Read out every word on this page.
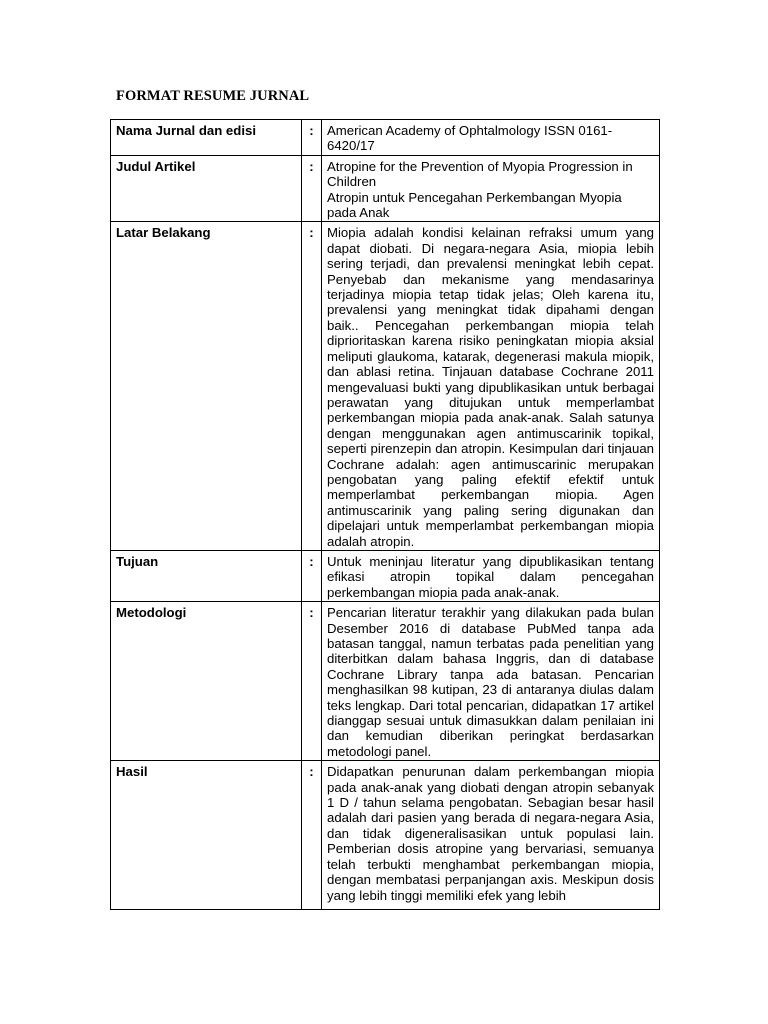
FORMAT RESUME JURNAL
Nama Jurnal dan edisi	:	American Academy of Ophtalmology ISSN 0161-6420/17

Judul Artikel	:	Atropine for the Prevention of Myopia Progression in Children
Atropin untuk Pencegahan Perkembangan Myopia pada Anak

Latar Belakang	:	Miopia adalah kondisi kelainan refraksi umum yang dapat diobati. Di negara-negara Asia, miopia lebih sering terjadi, dan prevalensi meningkat lebih cepat. Penyebab dan mekanisme yang mendasarinya terjadinya miopia tetap tidak jelas; Oleh karena itu, prevalensi yang meningkat tidak dipahami dengan baik.. Pencegahan perkembangan miopia telah diprioritaskan karena risiko peningkatan miopia aksial meliputi glaukoma, katarak, degenerasi makula miopik, dan ablasi retina. Tinjauan database Cochrane 2011 mengevaluasi bukti yang dipublikasikan untuk berbagai perawatan yang ditujukan untuk memperlambat perkembangan miopia pada anak-anak. Salah satunya dengan menggunakan agen antimuscarinik topikal, seperti pirenzepin dan atropin. Kesimpulan dari tinjauan Cochrane adalah: agen antimuscarinic merupakan pengobatan yang paling efektif efektif untuk memperlambat perkembangan miopia. Agen antimuscarinik yang paling sering digunakan dan dipelajari untuk memperlambat perkembangan miopia adalah atropin.

Tujuan	:	Untuk meninjau literatur yang dipublikasikan tentang efikasi atropin topikal dalam pencegahan perkembangan miopia pada anak-anak.

Metodologi	:	Pencarian literatur terakhir yang dilakukan pada bulan Desember 2016 di database PubMed tanpa ada batasan tanggal, namun terbatas pada penelitian yang diterbitkan dalam bahasa Inggris, dan di database Cochrane Library tanpa ada batasan. Pencarian menghasilkan 98 kutipan, 23 di antaranya diulas dalam teks lengkap. Dari total pencarian, didapatkan 17 artikel dianggap sesuai untuk dimasukkan dalam penilaian ini dan kemudian diberikan peringkat berdasarkan metodologi panel.

Hasil	:	Didapatkan penurunan dalam perkembangan miopia pada anak-anak yang diobati dengan atropin sebanyak 1 D / tahun selama pengobatan. Sebagian besar hasil adalah dari pasien yang berada di negara-negara Asia, dan tidak digeneralisasikan untuk populasi lain. Pemberian dosis atropine yang bervariasi, semuanya telah terbukti menghambat perkembangan miopia, dengan membatasi perpanjangan axis. Meskipun dosis yang lebih tinggi memiliki efek yang lebih
